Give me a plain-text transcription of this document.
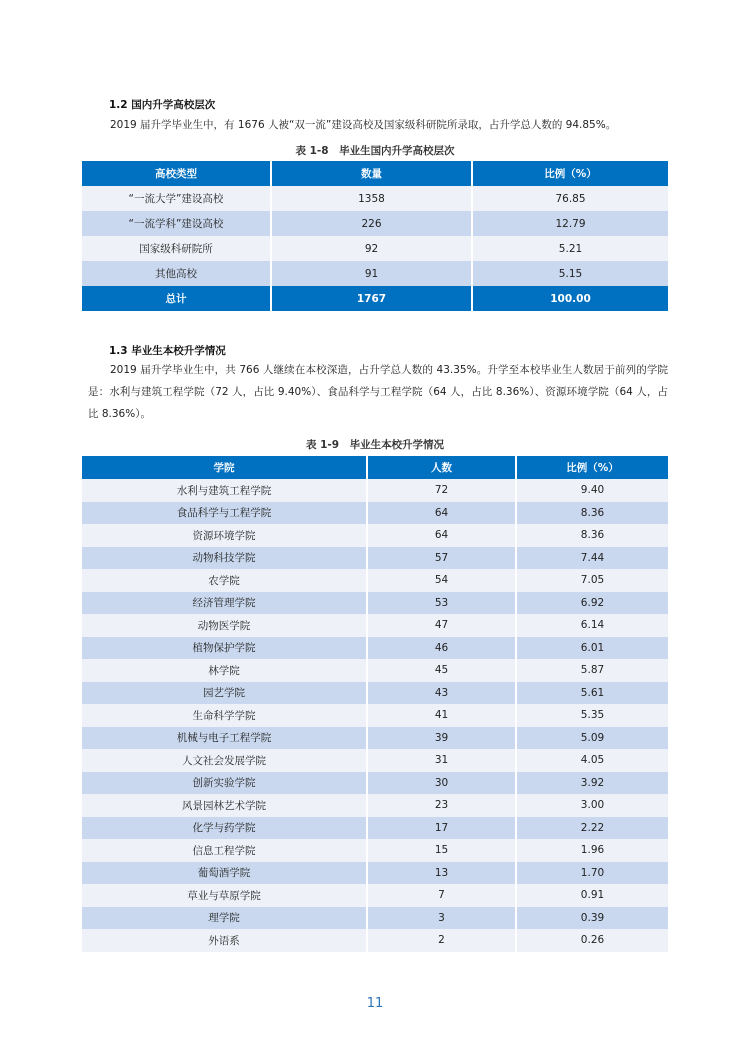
1.2 国内升学高校层次
2019 届升学毕业生中，有 1676 人被“双一流”建设高校及国家级科研院所录取，占升学总人数的 94.85%。
表 1-8　毕业生国内升学高校层次
高校类型	数量	比例（%）
“一流大学”建设高校	1358	76.85
“一流学科”建设高校	226	12.79
国家级科研院所	92	5.21
其他高校	91	5.15
总计	1767	100.00
1.3 毕业生本校升学情况
2019 届升学毕业生中，共 766 人继续在本校深造，占升学总人数的 43.35%。升学至本校毕业生人数居于前列的学院是：水利与建筑工程学院（72 人，占比 9.40%）、食品科学与工程学院（64 人，占比 8.36%）、资源环境学院（64 人，占比 8.36%）。
表 1-9　毕业生本校升学情况
学院	人数	比例（%）
水利与建筑工程学院	72	9.40
食品科学与工程学院	64	8.36
资源环境学院	64	8.36
动物科技学院	57	7.44
农学院	54	7.05
经济管理学院	53	6.92
动物医学院	47	6.14
植物保护学院	46	6.01
林学院	45	5.87
园艺学院	43	5.61
生命科学学院	41	5.35
机械与电子工程学院	39	5.09
人文社会发展学院	31	4.05
创新实验学院	30	3.92
风景园林艺术学院	23	3.00
化学与药学院	17	2.22
信息工程学院	15	1.96
葡萄酒学院	13	1.70
草业与草原学院	7	0.91
理学院	3	0.39
外语系	2	0.26
11
